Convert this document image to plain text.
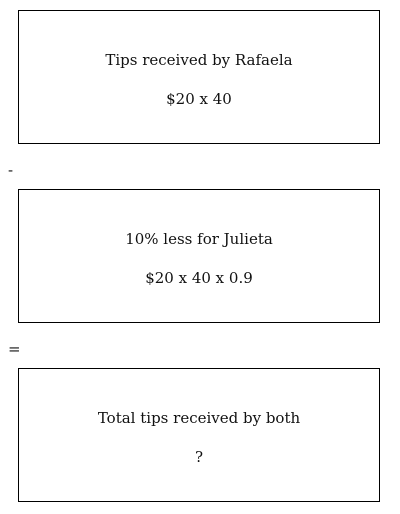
Tips received by Rafaela
$20 x 40
-
10% less for Julieta
$20 x 40 x 0.9
=
Total tips received by both
?
